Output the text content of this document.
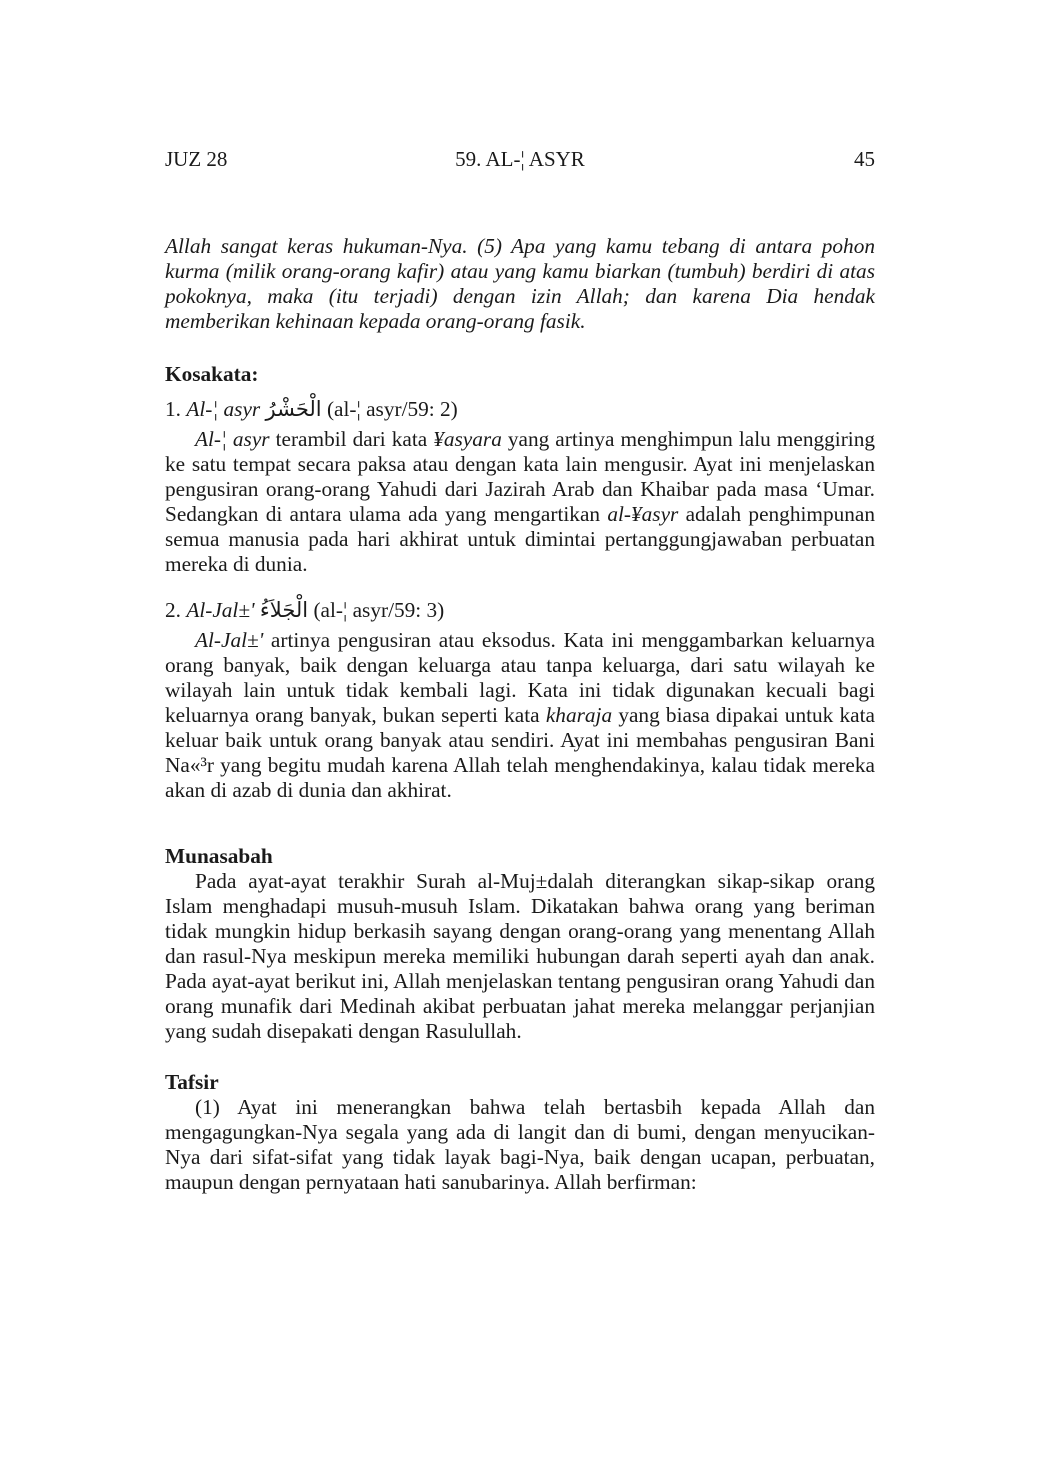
JUZ 28	59. AL-¦ ASYR	45

Allah sangat keras hukuman-Nya. (5) Apa yang kamu tebang di antara pohon kurma (milik orang-orang kafir) atau yang kamu biarkan (tumbuh) berdiri di atas pokoknya, maka (itu terjadi) dengan izin Allah; dan karena Dia hendak memberikan kehinaan kepada orang-orang fasik.

Kosakata:

1. Al-¦ asyr الْحَشْرُ (al-¦ asyr/59: 2)

Al-¦ asyr terambil dari kata ¥asyara yang artinya menghimpun lalu menggiring ke satu tempat secara paksa atau dengan kata lain mengusir. Ayat ini menjelaskan pengusiran orang-orang Yahudi dari Jazirah Arab dan Khaibar pada masa ‘Umar. Sedangkan di antara ulama ada yang mengartikan al-¥asyr adalah penghimpunan semua manusia pada hari akhirat untuk dimintai pertanggungjawaban perbuatan mereka di dunia.

2. Al-Jal±' الْجَلاَءُ (al-¦ asyr/59: 3)

Al-Jal±' artinya pengusiran atau eksodus. Kata ini menggambarkan keluarnya orang banyak, baik dengan keluarga atau tanpa keluarga, dari satu wilayah ke wilayah lain untuk tidak kembali lagi. Kata ini tidak digunakan kecuali bagi keluarnya orang banyak, bukan seperti kata kharaja yang biasa dipakai untuk kata keluar baik untuk orang banyak atau sendiri. Ayat ini membahas pengusiran Bani Na«³r yang begitu mudah karena Allah telah menghendakinya, kalau tidak mereka akan di azab di dunia dan akhirat.

Munasabah

Pada ayat-ayat terakhir Surah al-Muj±dalah diterangkan sikap-sikap orang Islam menghadapi musuh-musuh Islam. Dikatakan bahwa orang yang beriman tidak mungkin hidup berkasih sayang dengan orang-orang yang menentang Allah dan rasul-Nya meskipun mereka memiliki hubungan darah seperti ayah dan anak. Pada ayat-ayat berikut ini, Allah menjelaskan tentang pengusiran orang Yahudi dan orang munafik dari Medinah akibat perbuatan jahat mereka melanggar perjanjian yang sudah disepakati dengan Rasulullah.

Tafsir

(1) Ayat ini menerangkan bahwa telah bertasbih kepada Allah dan mengagungkan-Nya segala yang ada di langit dan di bumi, dengan menyucikan-Nya dari sifat-sifat yang tidak layak bagi-Nya, baik dengan ucapan, perbuatan, maupun dengan pernyataan hati sanubarinya. Allah berfirman:
